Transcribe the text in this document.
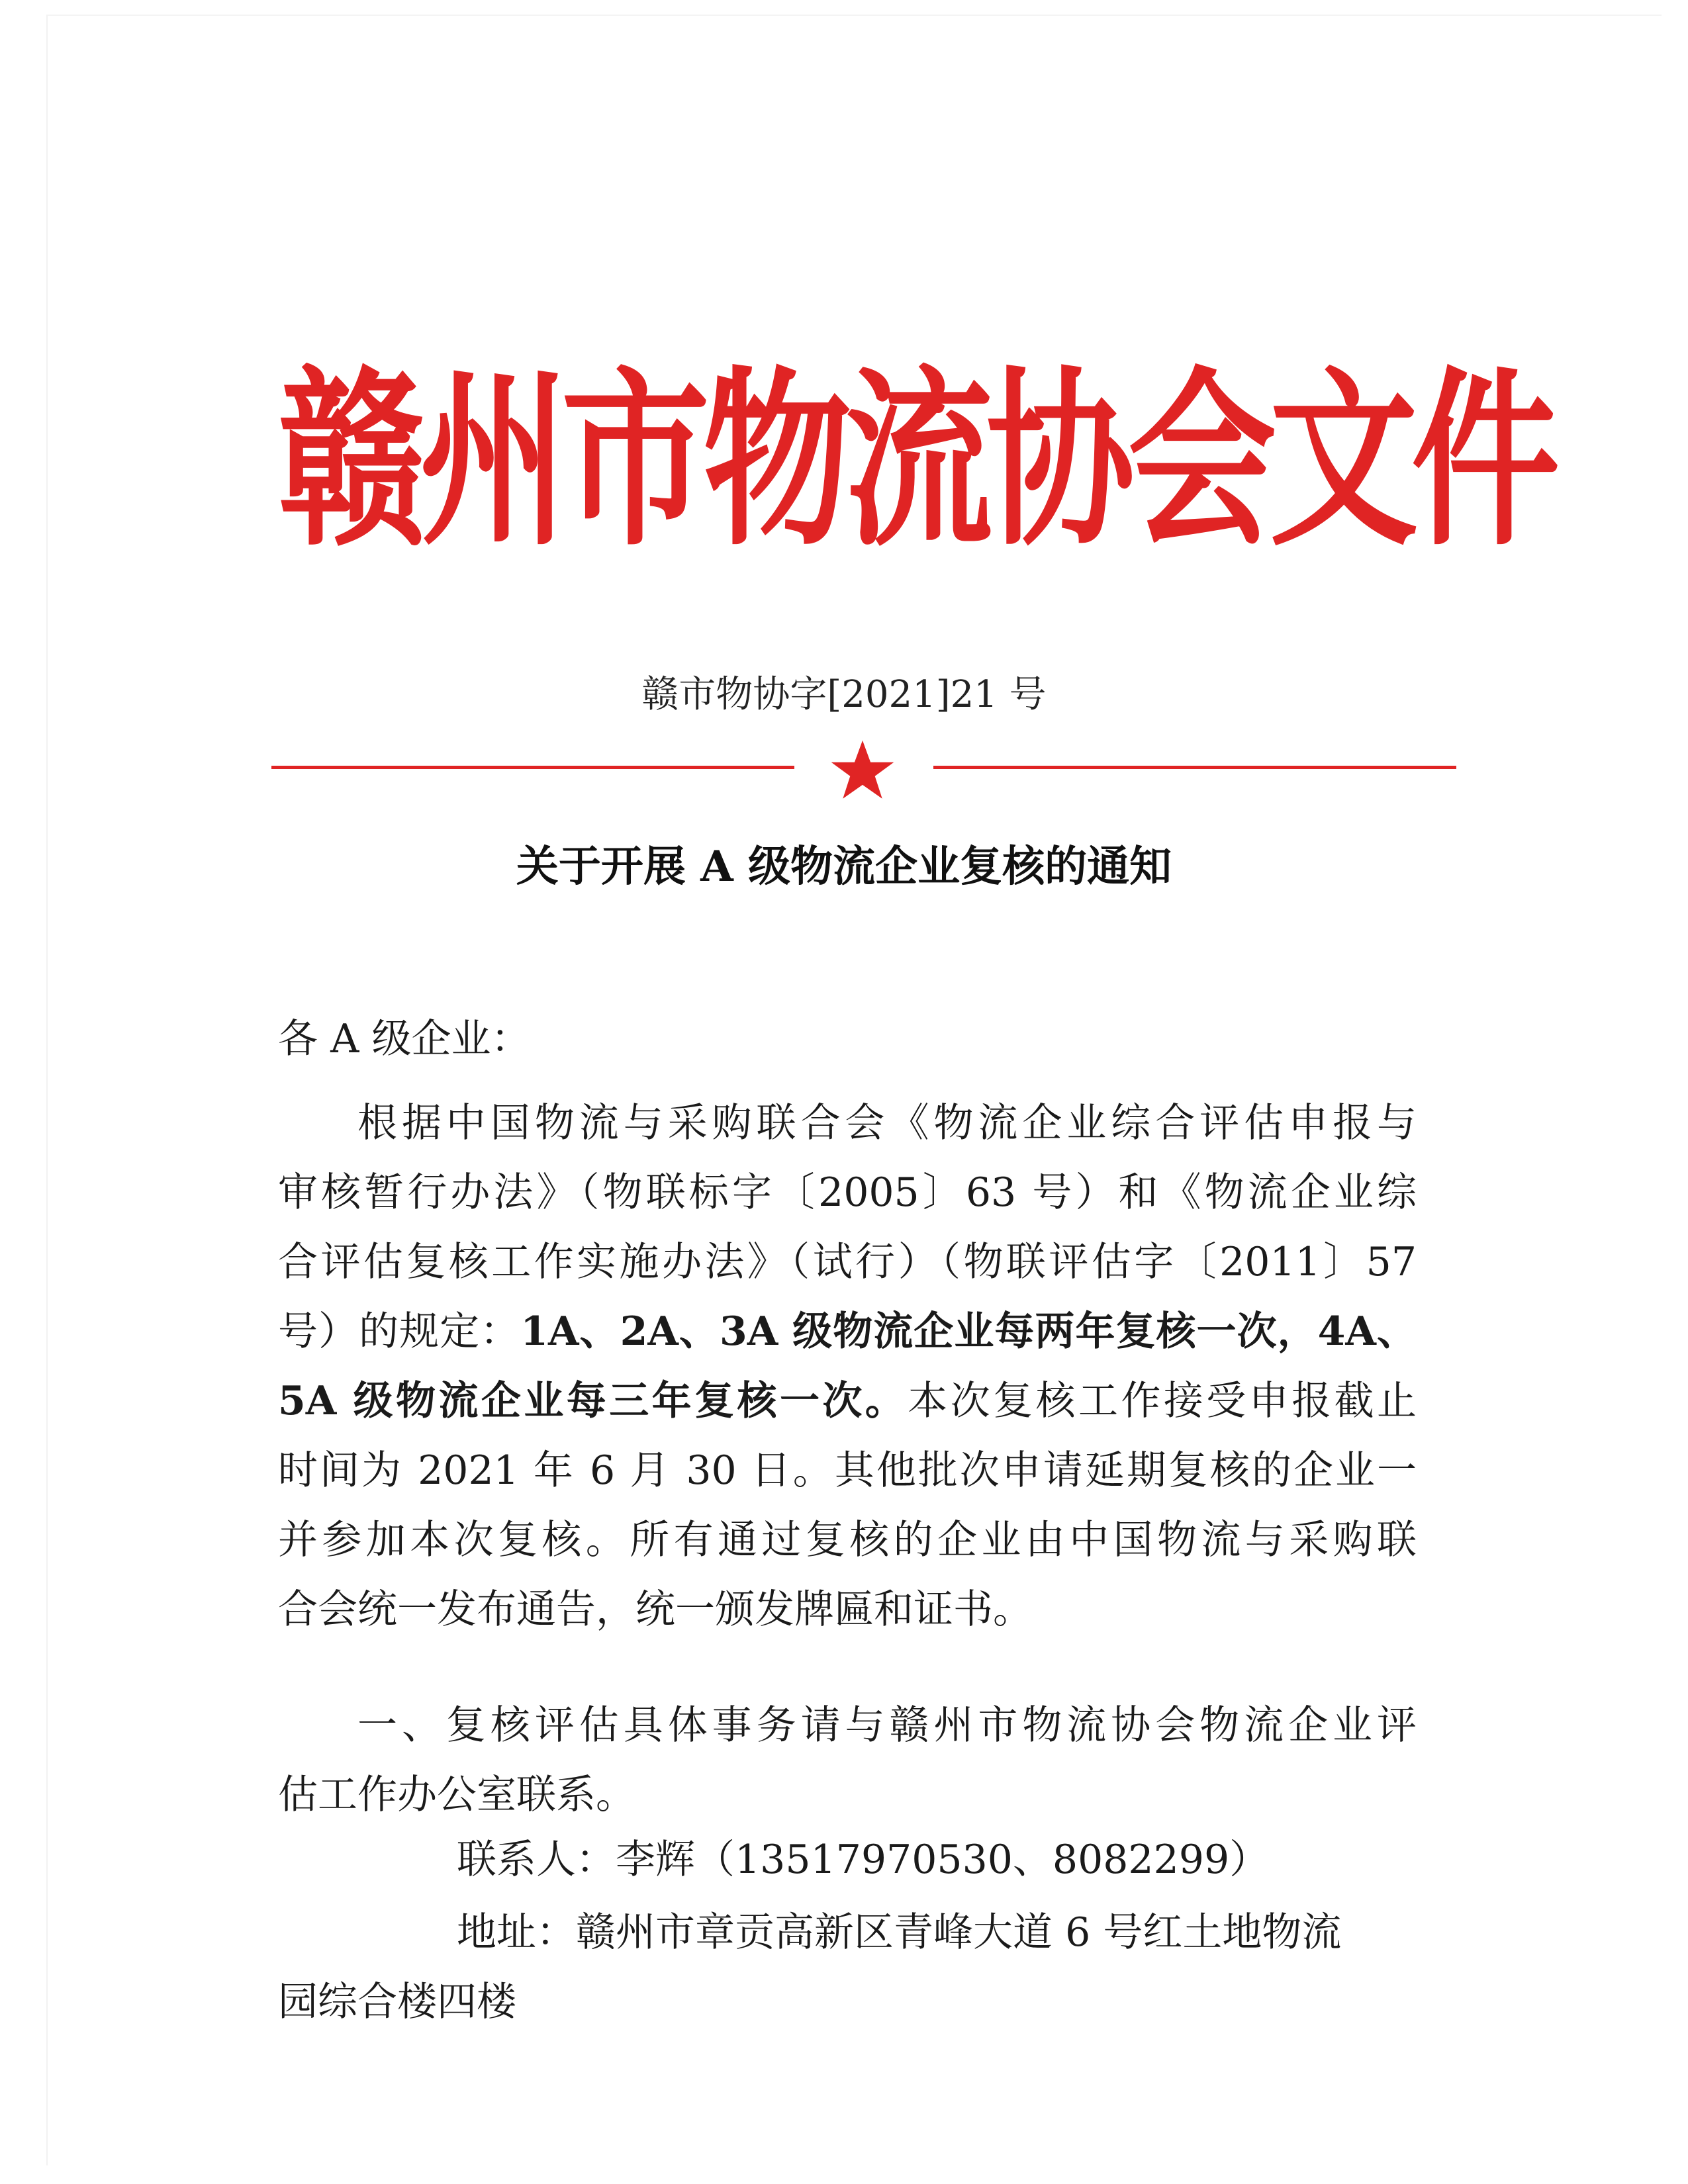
赣州市物流协会文件
赣市物协字[2021]21 号
关于开展 A 级物流企业复核的通知
各 A 级企业：
根据中国物流与采购联合会《物流企业综合评估申报与
审核暂行办法》（物联标字〔2005〕63 号）和《物流企业综
合评估复核工作实施办法》（试行）（物联评估字〔2011〕57
号）的规定：1A、2A、3A 级物流企业每两年复核一次，4A、
5A 级物流企业每三年复核一次。本次复核工作接受申报截止
时间为 2021 年 6 月 30 日。其他批次申请延期复核的企业一
并参加本次复核。所有通过复核的企业由中国物流与采购联
合会统一发布通告，统一颁发牌匾和证书。
一、复核评估具体事务请与赣州市物流协会物流企业评
估工作办公室联系。
联系人：李辉（13517970530、8082299）
地址：赣州市章贡高新区青峰大道 6 号红土地物流
园综合楼四楼
